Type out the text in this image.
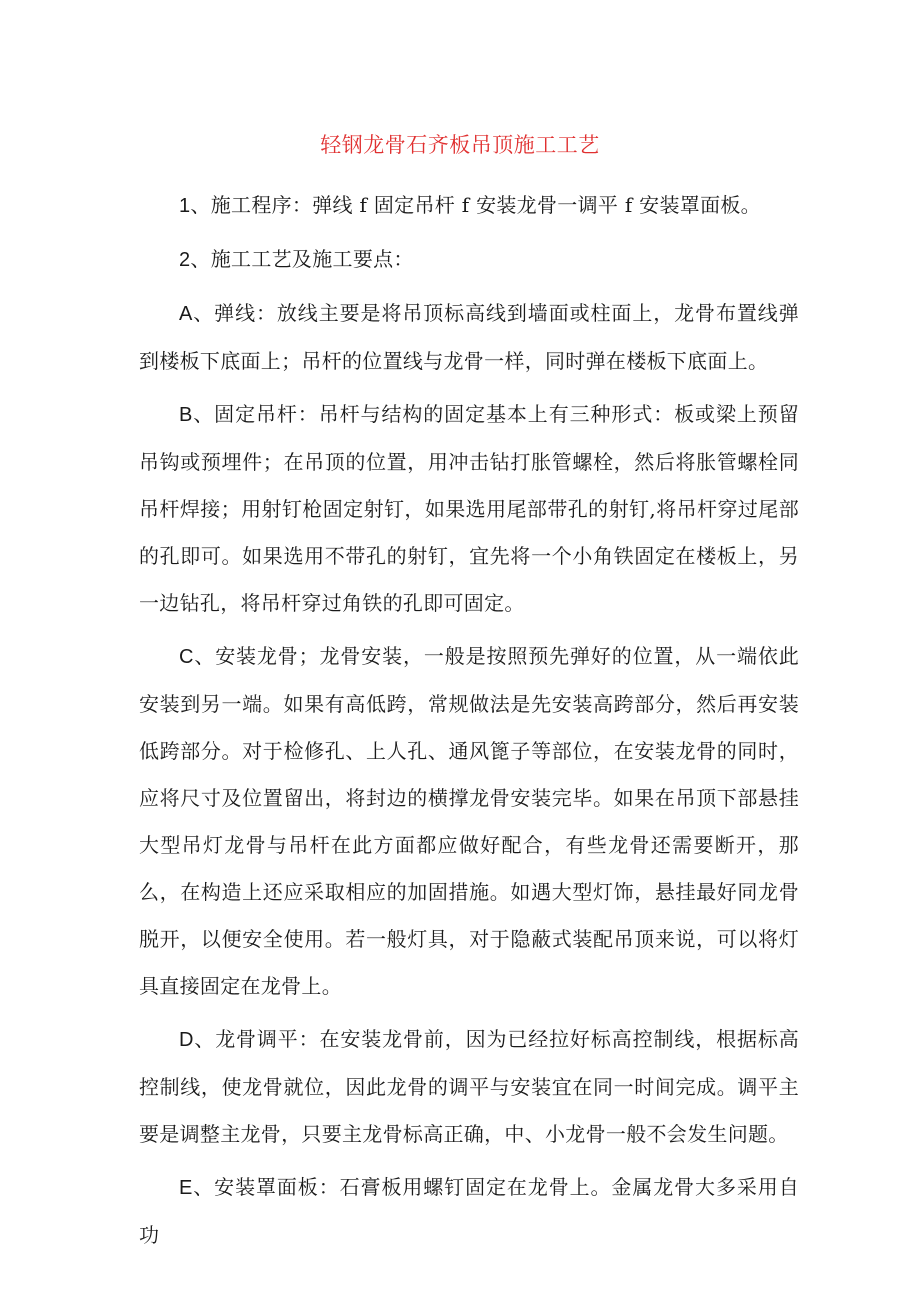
轻钢龙骨石齐板吊顶施工工艺

1、施工程序：弹线 f 固定吊杆 f 安装龙骨一调平 f 安装罩面板。

2、施工工艺及施工要点：

A、弹线：放线主要是将吊顶标高线到墙面或柱面上，龙骨布置线弹到楼板下底面上；吊杆的位置线与龙骨一样，同时弹在楼板下底面上。

B、固定吊杆：吊杆与结构的固定基本上有三种形式：板或梁上预留吊钩或预埋件；在吊顶的位置，用冲击钻打胀管螺栓，然后将胀管螺栓同吊杆焊接；用射钉枪固定射钉，如果选用尾部带孔的射钉,将吊杆穿过尾部的孔即可。如果选用不带孔的射钉，宜先将一个小角铁固定在楼板上，另一边钻孔，将吊杆穿过角铁的孔即可固定。

C、安装龙骨；龙骨安装，一般是按照预先弹好的位置，从一端依此安装到另一端。如果有高低跨，常规做法是先安装高跨部分，然后再安装低跨部分。对于检修孔、上人孔、通风篦子等部位，在安装龙骨的同时，应将尺寸及位置留出，将封边的横撑龙骨安装完毕。如果在吊顶下部悬挂大型吊灯龙骨与吊杆在此方面都应做好配合，有些龙骨还需要断开，那么，在构造上还应采取相应的加固措施。如遇大型灯饰，悬挂最好同龙骨脱开，以便安全使用。若一般灯具，对于隐蔽式装配吊顶来说，可以将灯具直接固定在龙骨上。

D、龙骨调平：在安装龙骨前，因为已经拉好标高控制线，根据标高控制线，使龙骨就位，因此龙骨的调平与安装宜在同一时间完成。调平主要是调整主龙骨，只要主龙骨标高正确，中、小龙骨一般不会发生问题。

E、安装罩面板：石膏板用螺钉固定在龙骨上。金属龙骨大多采用自功
